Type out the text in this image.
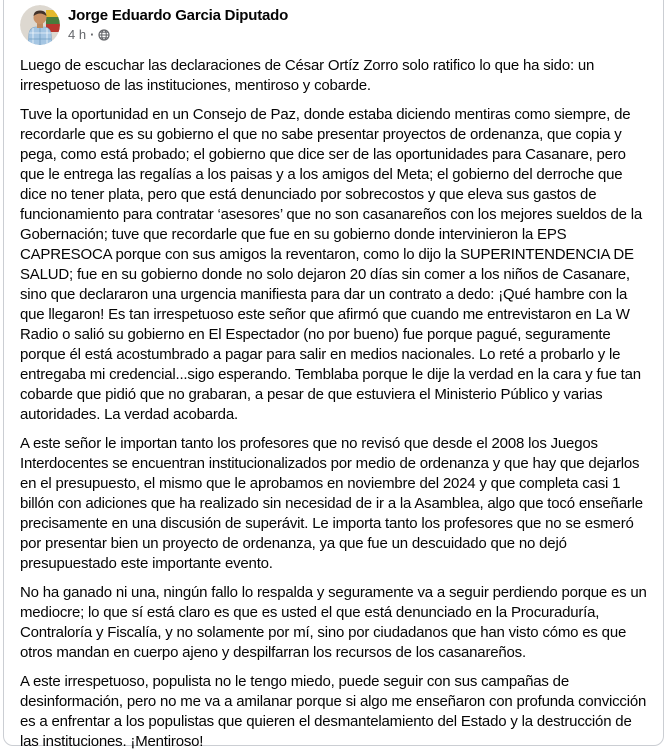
Jorge Eduardo Garcia Diputado
4 h ·

Luego de escuchar las declaraciones de César Ortíz Zorro solo ratifico lo que ha sido: un irrespetuoso de las instituciones, mentiroso y cobarde.

Tuve la oportunidad en un Consejo de Paz, donde estaba diciendo mentiras como siempre, de recordarle que es su gobierno el que no sabe presentar proyectos de ordenanza, que copia y pega, como está probado; el gobierno que dice ser de las oportunidades para Casanare, pero que le entrega las regalías a los paisas y a los amigos del Meta; el gobierno del derroche que dice no tener plata, pero que está denunciado por sobrecostos y que eleva sus gastos de funcionamiento para contratar ‘asesores’ que no son casanareños con los mejores sueldos de la Gobernación; tuve que recordarle que fue en su gobierno donde intervinieron la EPS CAPRESOCA porque con sus amigos la reventaron, como lo dijo la SUPERINTENDENCIA DE SALUD; fue en su gobierno donde no solo dejaron 20 días sin comer a los niños de Casanare, sino que declararon una urgencia manifiesta para dar un contrato a dedo: ¡Qué hambre con la que llegaron! Es tan irrespetuoso este señor que afirmó que cuando me entrevistaron en La W Radio o salió su gobierno en El Espectador (no por bueno) fue porque pagué, seguramente porque él está acostumbrado a pagar para salir en medios nacionales. Lo reté a probarlo y le entregaba mi credencial...sigo esperando. Temblaba porque le dije la verdad en la cara y fue tan cobarde que pidió que no grabaran, a pesar de que estuviera el Ministerio Público y varias autoridades. La verdad acobarda.

A este señor le importan tanto los profesores que no revisó que desde el 2008 los Juegos Interdocentes se encuentran institucionalizados por medio de ordenanza y que hay que dejarlos en el presupuesto, el mismo que le aprobamos en noviembre del 2024 y que completa casi 1 billón con adiciones que ha realizado sin necesidad de ir a la Asamblea, algo que tocó enseñarle precisamente en una discusión de superávit. Le importa tanto los profesores que no se esmeró por presentar bien un proyecto de ordenanza, ya que fue un descuidado que no dejó presupuestado este importante evento.

No ha ganado ni una, ningún fallo lo respalda y seguramente va a seguir perdiendo porque es un mediocre; lo que sí está claro es que es usted el que está denunciado en la Procuraduría, Contraloría y Fiscalía, y no solamente por mí, sino por ciudadanos que han visto cómo es que otros mandan en cuerpo ajeno y despilfarran los recursos de los casanareños.

A este irrespetuoso, populista no le tengo miedo, puede seguir con sus campañas de desinformación, pero no me va a amilanar porque si algo me enseñaron con profunda convicción es a enfrentar a los populistas que quieren el desmantelamiento del Estado y la destrucción de las instituciones. ¡Mentiroso!
